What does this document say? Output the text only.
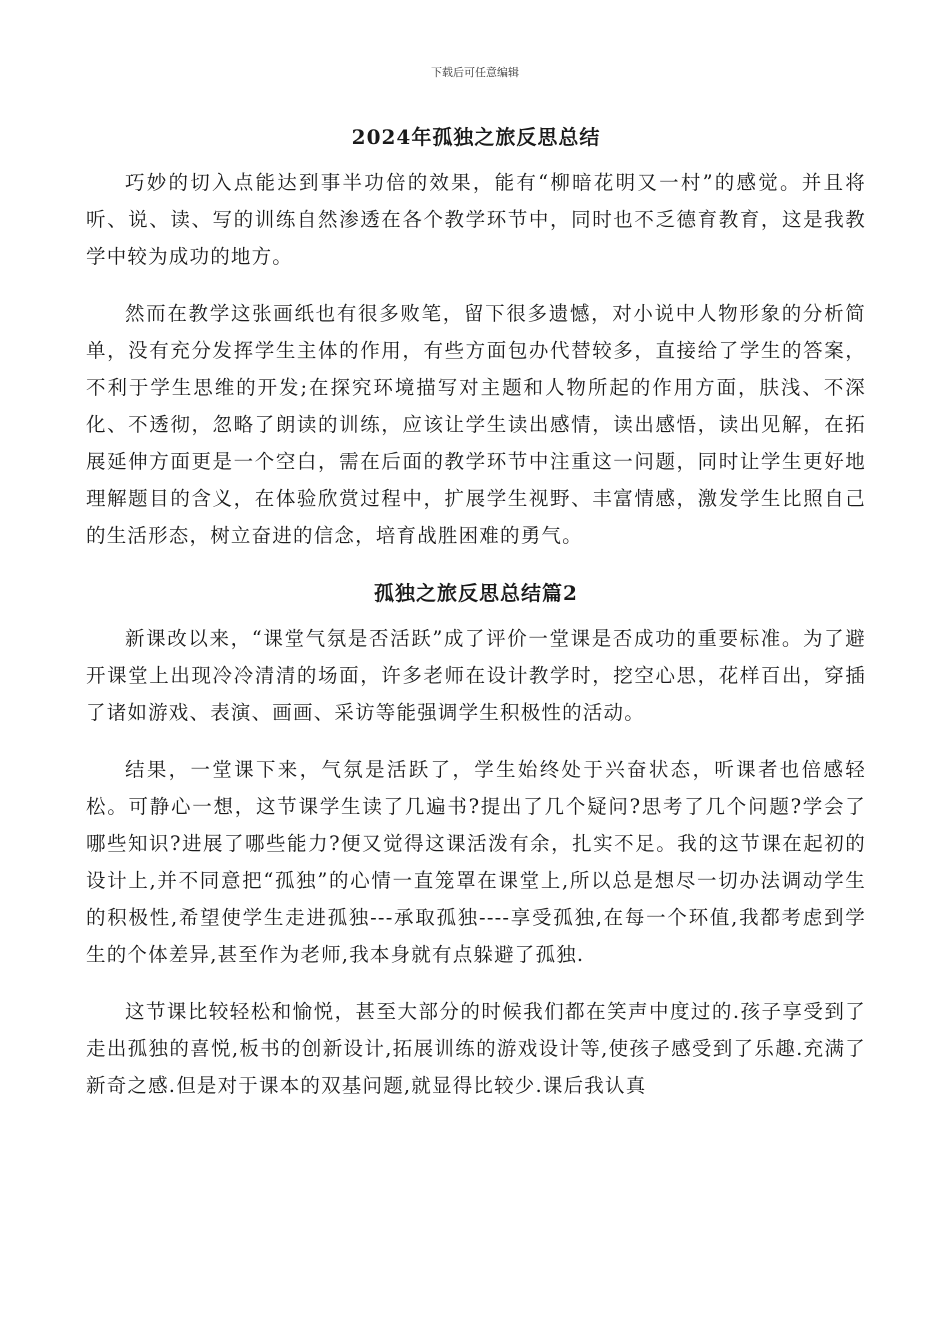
下载后可任意编辑
2024年孤独之旅反思总结

巧妙的切入点能达到事半功倍的效果，能有“柳暗花明又一村”的感觉。并且将听、说、读、写的训练自然渗透在各个教学环节中，同时也不乏德育教育，这是我教学中较为成功的地方。

然而在教学这张画纸也有很多败笔，留下很多遗憾，对小说中人物形象的分析简单，没有充分发挥学生主体的作用，有些方面包办代替较多，直接给了学生的答案，不利于学生思维的开发;在探究环境描写对主题和人物所起的作用方面，肤浅、不深化、不透彻，忽略了朗读的训练，应该让学生读出感情，读出感悟，读出见解，在拓展延伸方面更是一个空白，需在后面的教学环节中注重这一问题，同时让学生更好地理解题目的含义，在体验欣赏过程中，扩展学生视野、丰富情感，激发学生比照自己的生活形态，树立奋进的信念，培育战胜困难的勇气。

孤独之旅反思总结篇2

新课改以来，“课堂气氛是否活跃”成了评价一堂课是否成功的重要标准。为了避开课堂上出现冷冷清清的场面，许多老师在设计教学时，挖空心思，花样百出，穿插了诸如游戏、表演、画画、采访等能强调学生积极性的活动。

结果，一堂课下来，气氛是活跃了，学生始终处于兴奋状态，听课者也倍感轻松。可静心一想，这节课学生读了几遍书?提出了几个疑问?思考了几个问题?学会了哪些知识?进展了哪些能力?便又觉得这课活泼有余，扎实不足。我的这节课在起初的设计上,并不同意把“孤独”的心情一直笼罩在课堂上,所以总是想尽一切办法调动学生的积极性,希望使学生走进孤独---承取孤独----享受孤独,在每一个环值,我都考虑到学生的个体差异,甚至作为老师,我本身就有点躲避了孤独.

这节课比较轻松和愉悦，甚至大部分的时候我们都在笑声中度过的.孩子享受到了走出孤独的喜悦,板书的创新设计,拓展训练的游戏设计等,使孩子感受到了乐趣.充满了新奇之感.但是对于课本的双基问题,就显得比较少.课后我认真
